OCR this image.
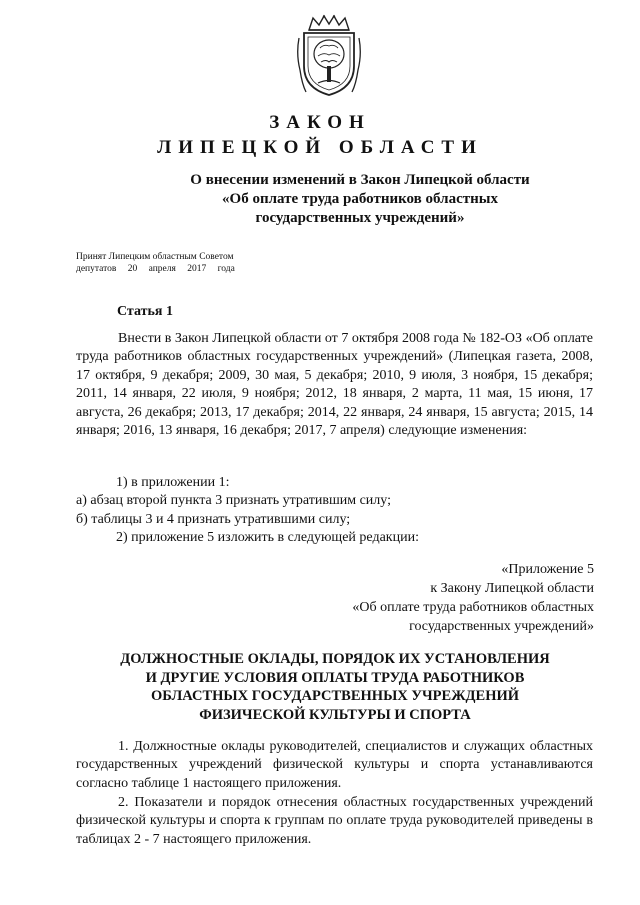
ЗАКОН
ЛИПЕЦКОЙ ОБЛАСТИ
О внесении изменений в Закон Липецкой области
«Об оплате труда работников областных
государственных учреждений»
Принят Липецким областным Советом
депутатов 20 апреля 2017 года
Статья 1

Внести в Закон Липецкой области от 7 октября 2008 года № 182-ОЗ «Об оплате труда работников областных государственных учреждений» (Липецкая газета, 2008, 17 октября, 9 декабря; 2009, 30 мая, 5 декабря; 2010, 9 июля, 3 ноября, 15 декабря; 2011, 14 января, 22 июля, 9 ноября; 2012, 18 января, 2 марта, 11 мая, 15 июня, 17 августа, 26 декабря; 2013, 17 декабря; 2014, 22 января, 24 января, 15 августа; 2015, 14 января; 2016, 13 января, 16 декабря; 2017, 7 апреля) следующие изменения:

1) в приложении 1:
а) абзац второй пункта 3 признать утратившим силу;
б) таблицы 3 и 4 признать утратившими силу;
2) приложение 5 изложить в следующей редакции:
«Приложение 5
к Закону Липецкой области
«Об оплате труда работников областных
государственных учреждений»
ДОЛЖНОСТНЫЕ ОКЛАДЫ, ПОРЯДОК ИХ УСТАНОВЛЕНИЯ
И ДРУГИЕ УСЛОВИЯ ОПЛАТЫ ТРУДА РАБОТНИКОВ
ОБЛАСТНЫХ ГОСУДАРСТВЕННЫХ УЧРЕЖДЕНИЙ
ФИЗИЧЕСКОЙ КУЛЬТУРЫ И СПОРТА

1. Должностные оклады руководителей, специалистов и служащих областных государственных учреждений физической культуры и спорта устанавливаются согласно таблице 1 настоящего приложения.

2. Показатели и порядок отнесения областных государственных учреждений физической культуры и спорта к группам по оплате труда руководителей приведены в таблицах 2 - 7 настоящего приложения.
